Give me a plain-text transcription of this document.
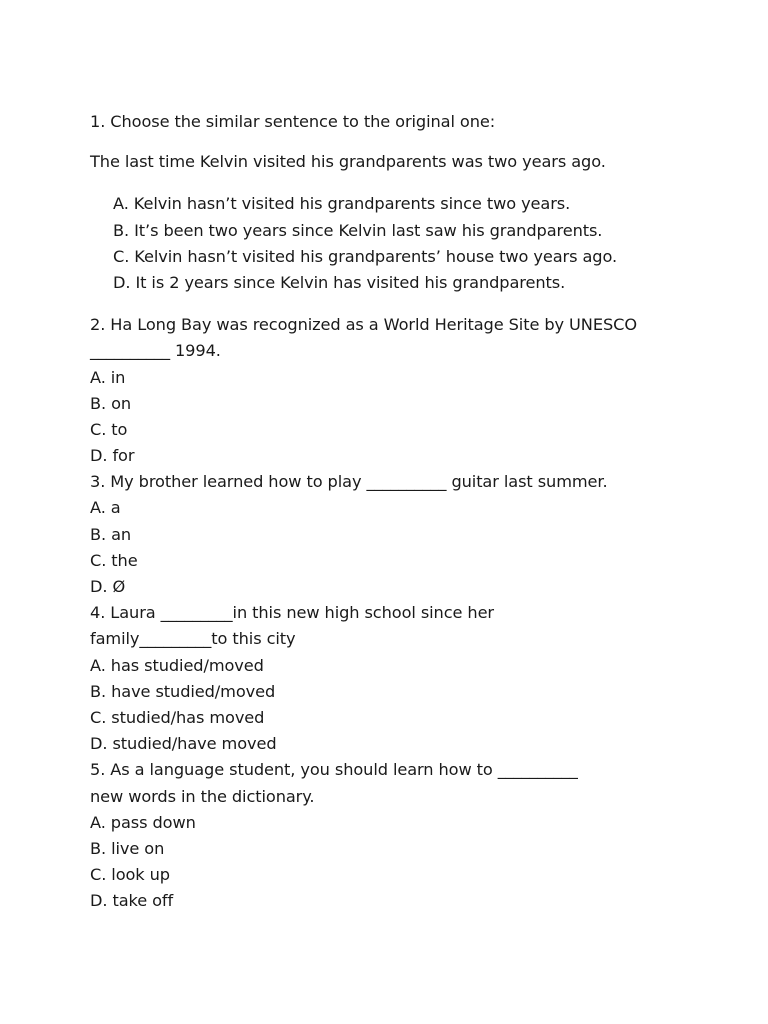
1. Choose the similar sentence to the original one:
The last time Kelvin visited his grandparents was two years ago.
A. Kelvin hasn’t visited his grandparents since two years.
B. It’s been two years since Kelvin last saw his grandparents.
C. Kelvin hasn’t visited his grandparents’ house two years ago.
D. It is 2 years since Kelvin has visited his grandparents.
2. Ha Long Bay was recognized as a World Heritage Site by UNESCO
__________ 1994.
A. in
B. on
C. to
D. for
3. My brother learned how to play __________ guitar last summer.
A. a
B. an
C. the
D. Ø
4. Laura _________in this new high school since her
family_________to this city
A. has studied/moved
B. have studied/moved
C. studied/has moved
D. studied/have moved
5. As a language student, you should learn how to __________
new words in the dictionary.
A. pass down
B. live on
C. look up
D. take off
